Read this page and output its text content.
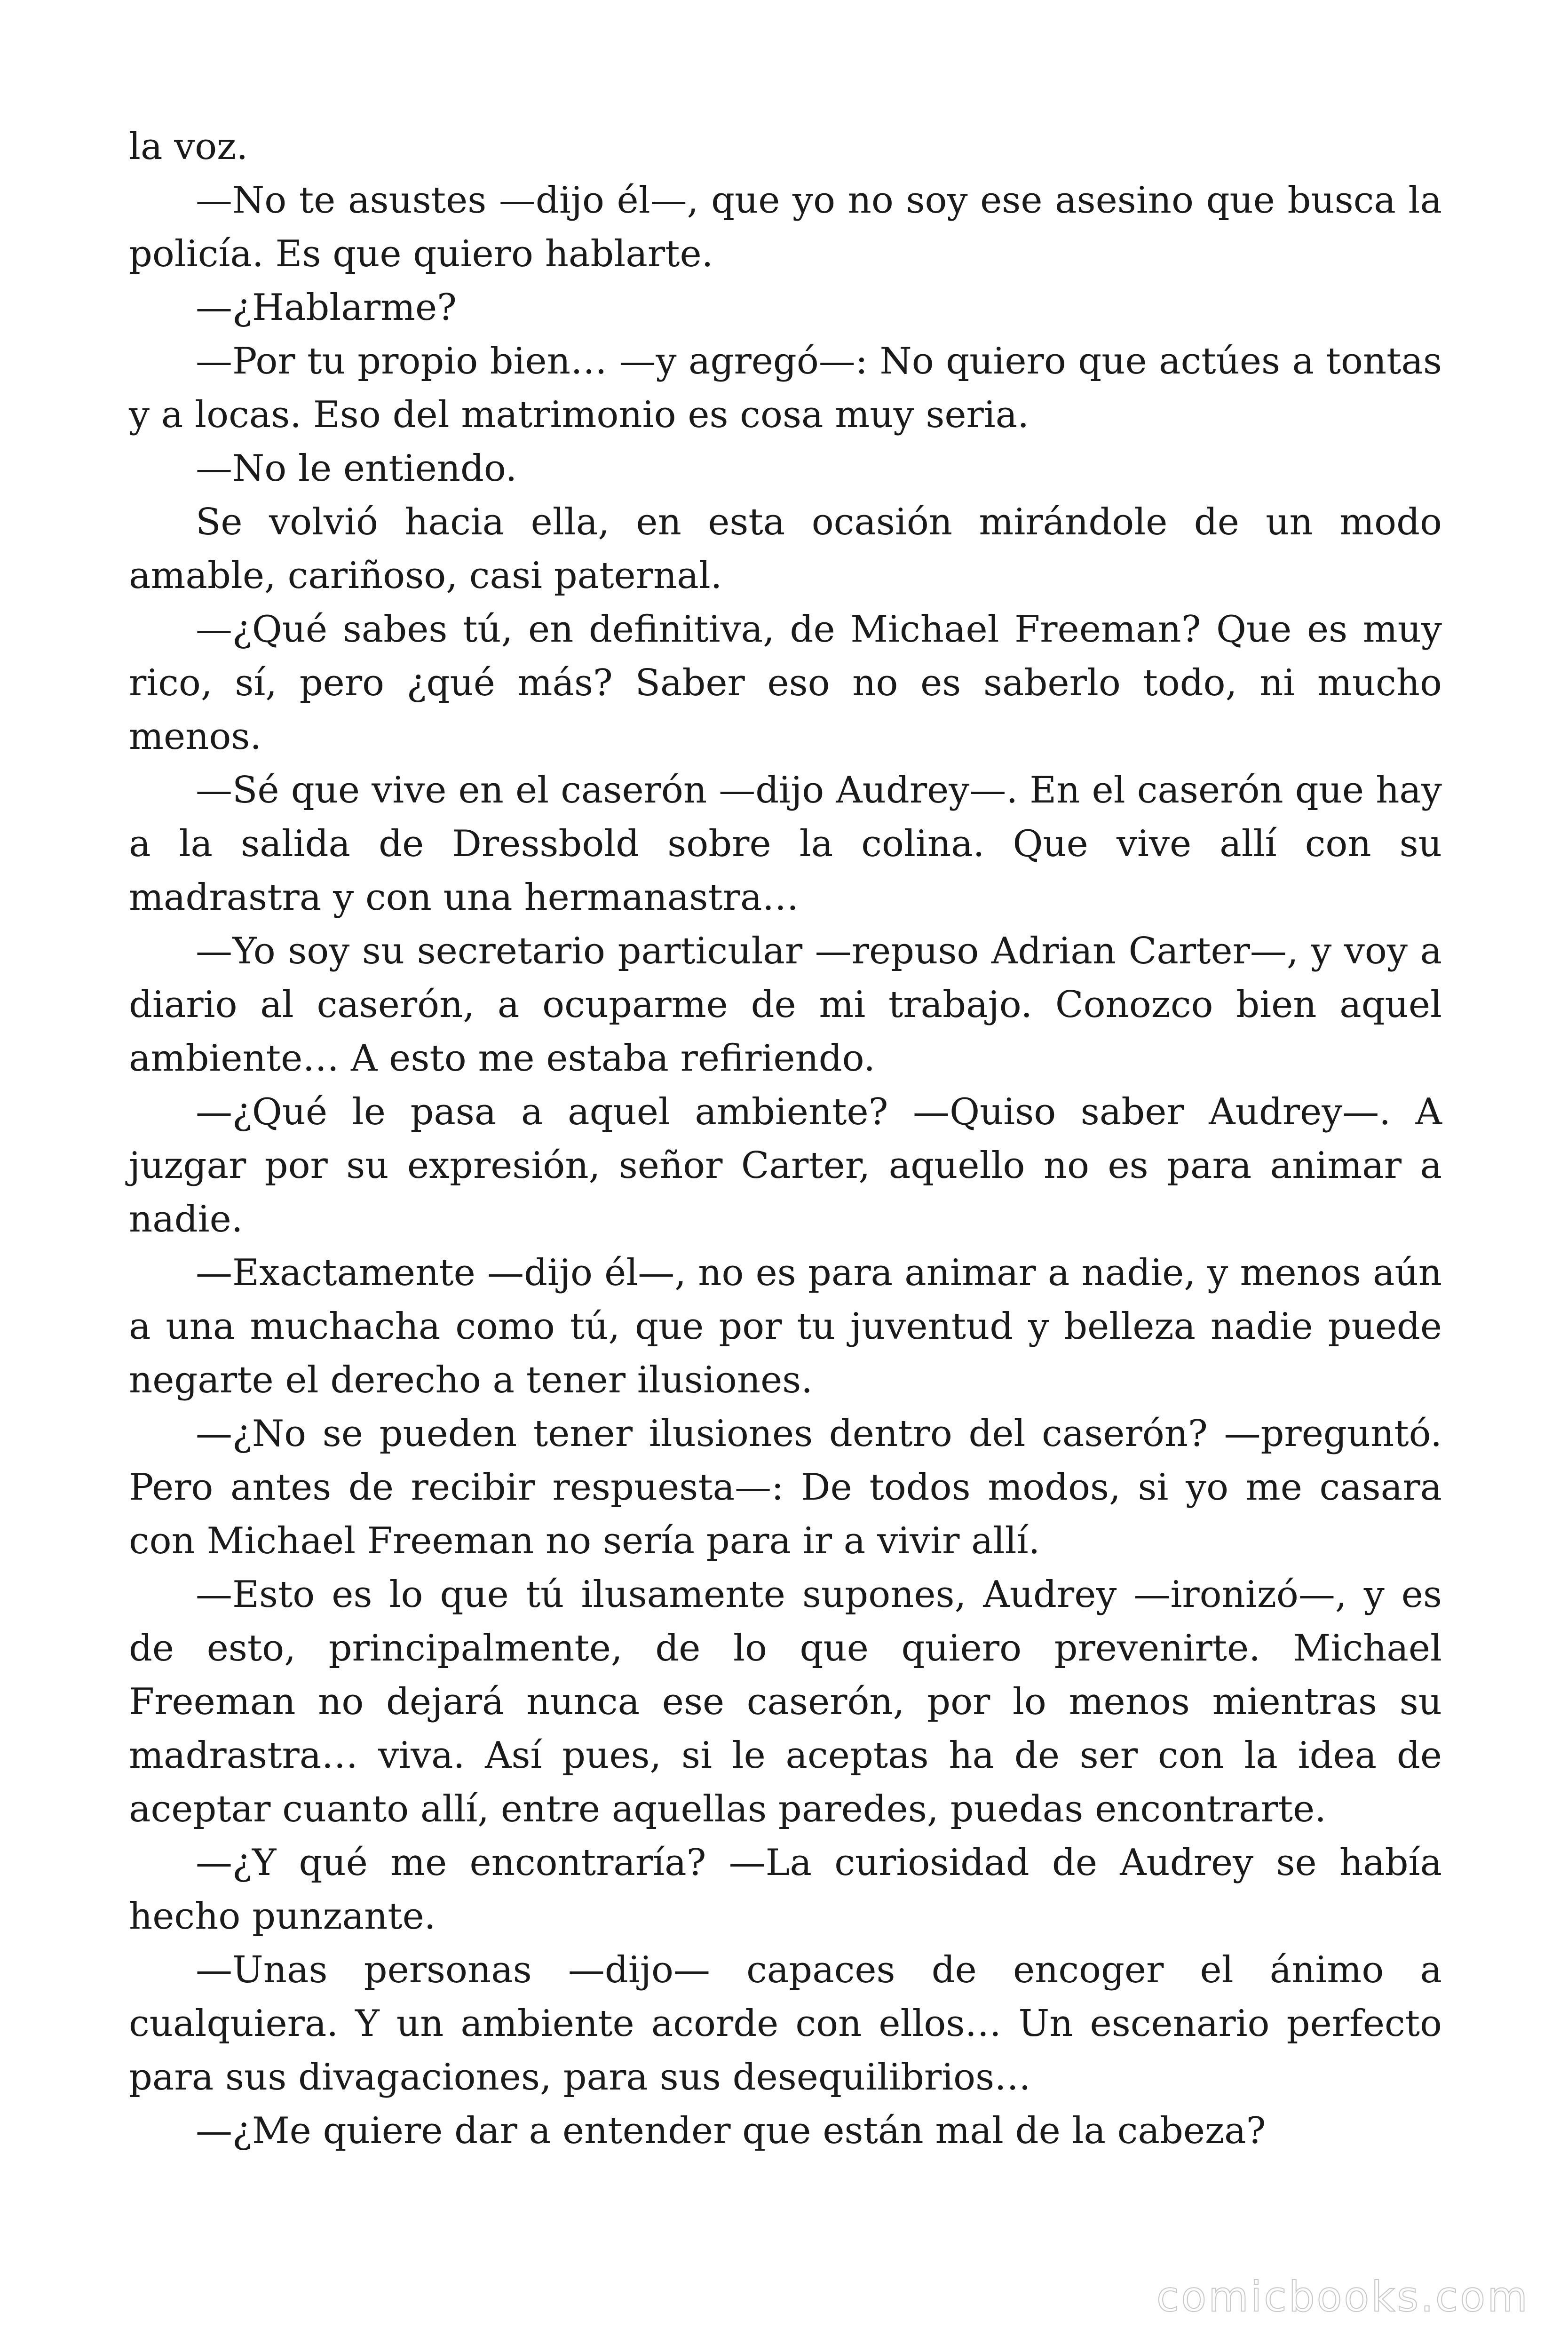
la voz.

—No te asustes —dijo él—, que yo no soy ese asesino que busca la policía. Es que quiero hablarte.

—¿Hablarme?

—Por tu propio bien… —y agregó—: No quiero que actúes a tontas y a locas. Eso del matrimonio es cosa muy seria.

—No le entiendo.

Se volvió hacia ella, en esta ocasión mirándole de un modo amable, cariñoso, casi paternal.

—¿Qué sabes tú, en definitiva, de Michael Freeman? Que es muy rico, sí, pero ¿qué más? Saber eso no es saberlo todo, ni mucho menos.

—Sé que vive en el caserón —dijo Audrey—. En el caserón que hay a la salida de Dressbold sobre la colina. Que vive allí con su madrastra y con una hermanastra…

—Yo soy su secretario particular —repuso Adrian Carter—, y voy a diario al caserón, a ocuparme de mi trabajo. Conozco bien aquel ambiente… A esto me estaba refiriendo.

—¿Qué le pasa a aquel ambiente? —Quiso saber Audrey—. A juzgar por su expresión, señor Carter, aquello no es para animar a nadie.

—Exactamente —dijo él—, no es para animar a nadie, y menos aún a una muchacha como tú, que por tu juventud y belleza nadie puede negarte el derecho a tener ilusiones.

—¿No se pueden tener ilusiones dentro del caserón? —preguntó. Pero antes de recibir respuesta—: De todos modos, si yo me casara con Michael Freeman no sería para ir a vivir allí.

—Esto es lo que tú ilusamente supones, Audrey —ironizó—, y es de esto, principalmente, de lo que quiero prevenirte. Michael Freeman no dejará nunca ese caserón, por lo menos mientras su madrastra… viva. Así pues, si le aceptas ha de ser con la idea de aceptar cuanto allí, entre aquellas paredes, puedas encontrarte.

—¿Y qué me encontraría? —La curiosidad de Audrey se había hecho punzante.

—Unas personas —dijo— capaces de encoger el ánimo a cualquiera. Y un ambiente acorde con ellos… Un escenario perfecto para sus divagaciones, para sus desequilibrios…

—¿Me quiere dar a entender que están mal de la cabeza?

comicbooks.com
